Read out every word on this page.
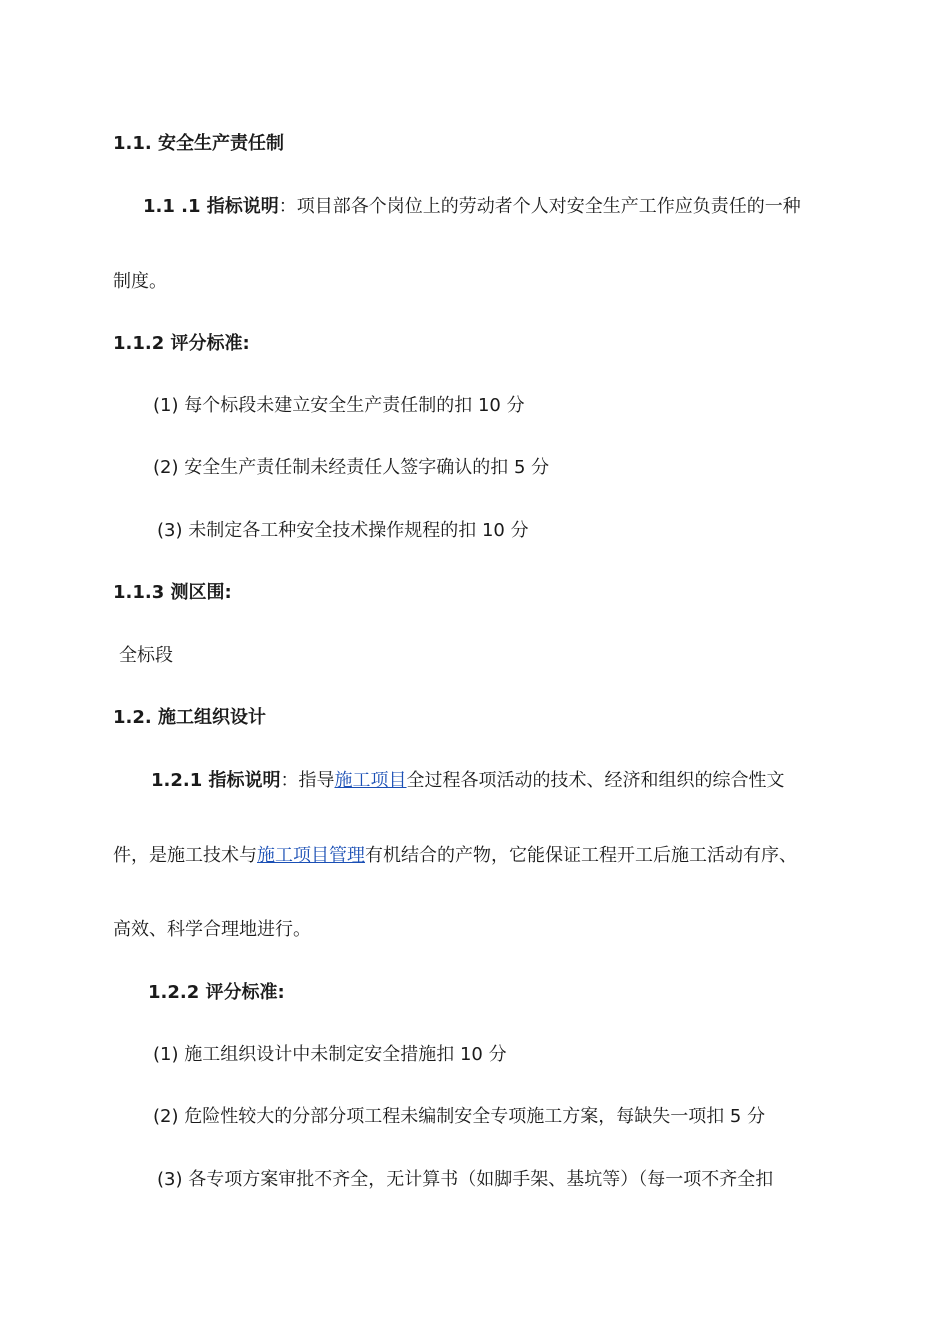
1.1. 安全生产责任制
1.1 .1 指标说明：项目部各个岗位上的劳动者个人对安全生产工作应负责任的一种
制度。
1.1.2 评分标准:
(1) 每个标段未建立安全生产责任制的扣 10 分
(2) 安全生产责任制未经责任人签字确认的扣 5 分
(3) 未制定各工种安全技术操作规程的扣 10 分
1.1.3 测区围:
全标段
1.2. 施工组织设计
1.2.1 指标说明：指导施工项目全过程各项活动的技术、经济和组织的综合性文
件，是施工技术与施工项目管理有机结合的产物，它能保证工程开工后施工活动有序、
高效、科学合理地进行。
1.2.2 评分标准:
(1) 施工组织设计中未制定安全措施扣 10 分
(2) 危险性较大的分部分项工程未编制安全专项施工方案，每缺失一项扣 5 分
(3) 各专项方案审批不齐全，无计算书（如脚手架、基坑等）（每一项不齐全扣
